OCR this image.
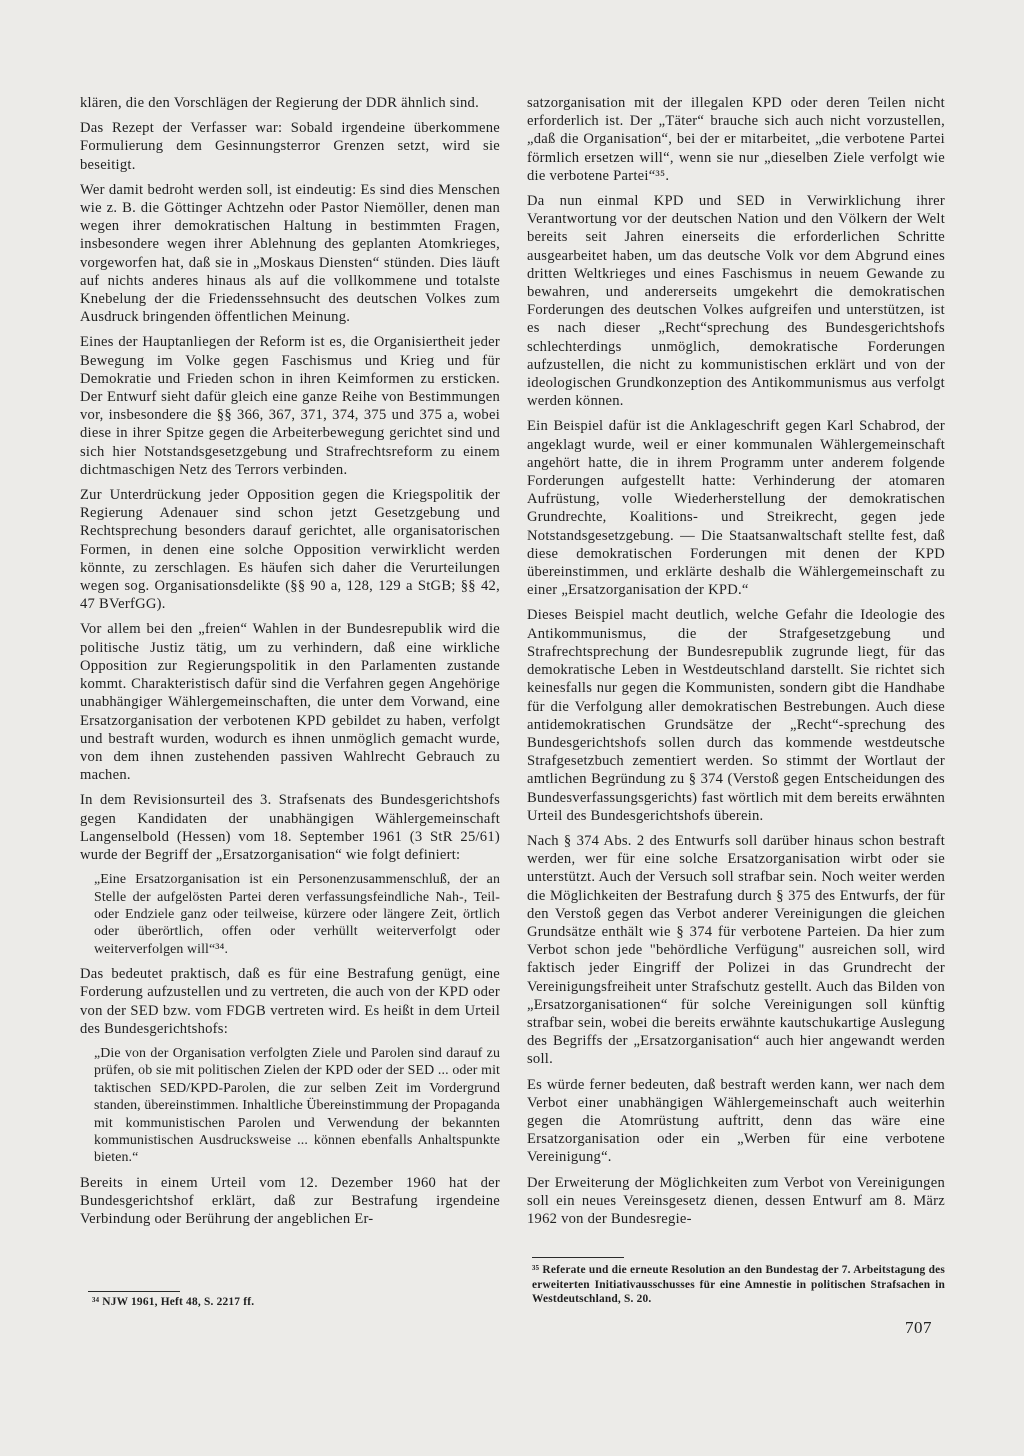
klären, die den Vorschlägen der Regierung der DDR ähnlich sind.

Das Rezept der Verfasser war: Sobald irgendeine überkommene Formulierung dem Gesinnungsterror Grenzen setzt, wird sie beseitigt.

Wer damit bedroht werden soll, ist eindeutig: Es sind dies Menschen wie z. B. die Göttinger Achtzehn oder Pastor Niemöller, denen man wegen ihrer demokratischen Haltung in bestimmten Fragen, insbesondere wegen ihrer Ablehnung des geplanten Atomkrieges, vorgeworfen hat, daß sie in „Moskaus Diensten“ stünden. Dies läuft auf nichts anderes hinaus als auf die vollkommene und totalste Knebelung der die Friedenssehnsucht des deutschen Volkes zum Ausdruck bringenden öffentlichen Meinung.

Eines der Hauptanliegen der Reform ist es, die Organisiertheit jeder Bewegung im Volke gegen Faschismus und Krieg und für Demokratie und Frieden schon in ihren Keimformen zu ersticken. Der Entwurf sieht dafür gleich eine ganze Reihe von Bestimmungen vor, insbesondere die §§ 366, 367, 371, 374, 375 und 375 a, wobei diese in ihrer Spitze gegen die Arbeiterbewegung gerichtet sind und sich hier Notstandsgesetzgebung und Strafrechtsreform zu einem dichtmaschigen Netz des Terrors verbinden.

Zur Unterdrückung jeder Opposition gegen die Kriegspolitik der Regierung Adenauer sind schon jetzt Gesetzgebung und Rechtsprechung besonders darauf gerichtet, alle organisatorischen Formen, in denen eine solche Opposition verwirklicht werden könnte, zu zerschlagen. Es häufen sich daher die Verurteilungen wegen sog. Organisationsdelikte (§§ 90 a, 128, 129 a StGB; §§ 42, 47 BVerfGG).

Vor allem bei den „freien“ Wahlen in der Bundesrepublik wird die politische Justiz tätig, um zu verhindern, daß eine wirkliche Opposition zur Regierungspolitik in den Parlamenten zustande kommt. Charakteristisch dafür sind die Verfahren gegen Angehörige unabhängiger Wählergemeinschaften, die unter dem Vorwand, eine Ersatzorganisation der verbotenen KPD gebildet zu haben, verfolgt und bestraft wurden, wodurch es ihnen unmöglich gemacht wurde, von dem ihnen zustehenden passiven Wahlrecht Gebrauch zu machen.

In dem Revisionsurteil des 3. Strafsenats des Bundesgerichtshofs gegen Kandidaten der unabhängigen Wählergemeinschaft Langenselbold (Hessen) vom 18. September 1961 (3 StR 25/61) wurde der Begriff der „Ersatzorganisation“ wie folgt definiert:

„Eine Ersatzorganisation ist ein Personenzusammenschluß, der an Stelle der aufgelösten Partei deren verfassungsfeindliche Nah-, Teil- oder Endziele ganz oder teilweise, kürzere oder längere Zeit, örtlich oder überörtlich, offen oder verhüllt weiterverfolgt oder weiterverfolgen will“³⁴.

Das bedeutet praktisch, daß es für eine Bestrafung genügt, eine Forderung aufzustellen und zu vertreten, die auch von der KPD oder von der SED bzw. vom FDGB vertreten wird. Es heißt in dem Urteil des Bundesgerichtshofs:

„Die von der Organisation verfolgten Ziele und Parolen sind darauf zu prüfen, ob sie mit politischen Zielen der KPD oder der SED ... oder mit taktischen SED/KPD-Parolen, die zur selben Zeit im Vordergrund standen, übereinstimmen. Inhaltliche Übereinstimmung der Propaganda mit kommunistischen Parolen und Verwendung der bekannten kommunistischen Ausdrucksweise ... können ebenfalls Anhaltspunkte bieten.“

Bereits in einem Urteil vom 12. Dezember 1960 hat der Bundesgerichtshof erklärt, daß zur Bestrafung irgendeine Verbindung oder Berührung der angeblichen Er-

³⁴ NJW 1961, Heft 48, S. 2217 ff.

satzorganisation mit der illegalen KPD oder deren Teilen nicht erforderlich ist. Der „Täter“ brauche sich auch nicht vorzustellen, „daß die Organisation“, bei der er mitarbeitet, „die verbotene Partei förmlich ersetzen will“, wenn sie nur „dieselben Ziele verfolgt wie die verbotene Partei“³⁵.

Da nun einmal KPD und SED in Verwirklichung ihrer Verantwortung vor der deutschen Nation und den Völkern der Welt bereits seit Jahren einerseits die erforderlichen Schritte ausgearbeitet haben, um das deutsche Volk vor dem Abgrund eines dritten Weltkrieges und eines Faschismus in neuem Gewande zu bewahren, und andererseits umgekehrt die demokratischen Forderungen des deutschen Volkes aufgreifen und unterstützen, ist es nach dieser „Recht“sprechung des Bundesgerichtshofs schlechterdings unmöglich, demokratische Forderungen aufzustellen, die nicht zu kommunistischen erklärt und von der ideologischen Grundkonzeption des Antikommunismus aus verfolgt werden können.

Ein Beispiel dafür ist die Anklageschrift gegen Karl Schabrod, der angeklagt wurde, weil er einer kommunalen Wählergemeinschaft angehört hatte, die in ihrem Programm unter anderem folgende Forderungen aufgestellt hatte: Verhinderung der atomaren Aufrüstung, volle Wiederherstellung der demokratischen Grundrechte, Koalitions- und Streikrecht, gegen jede Notstandsgesetzgebung. — Die Staatsanwaltschaft stellte fest, daß diese demokratischen Forderungen mit denen der KPD übereinstimmen, und erklärte deshalb die Wählergemeinschaft zu einer „Ersatzorganisation der KPD.“

Dieses Beispiel macht deutlich, welche Gefahr die Ideologie des Antikommunismus, die der Strafgesetzgebung und Strafrechtsprechung der Bundesrepublik zugrunde liegt, für das demokratische Leben in Westdeutschland darstellt. Sie richtet sich keinesfalls nur gegen die Kommunisten, sondern gibt die Handhabe für die Verfolgung aller demokratischen Bestrebungen. Auch diese antidemokratischen Grundsätze der „Recht“-sprechung des Bundesgerichtshofs sollen durch das kommende westdeutsche Strafgesetzbuch zementiert werden. So stimmt der Wortlaut der amtlichen Begründung zu § 374 (Verstoß gegen Entscheidungen des Bundesverfassungsgerichts) fast wörtlich mit dem bereits erwähnten Urteil des Bundesgerichtshofs überein.

Nach § 374 Abs. 2 des Entwurfs soll darüber hinaus schon bestraft werden, wer für eine solche Ersatzorganisation wirbt oder sie unterstützt. Auch der Versuch soll strafbar sein. Noch weiter werden die Möglichkeiten der Bestrafung durch § 375 des Entwurfs, der für den Verstoß gegen das Verbot anderer Vereinigungen die gleichen Grundsätze enthält wie § 374 für verbotene Parteien. Da hier zum Verbot schon jede "behördliche Verfügung" ausreichen soll, wird faktisch jeder Eingriff der Polizei in das Grundrecht der Vereinigungsfreiheit unter Strafschutz gestellt. Auch das Bilden von „Ersatzorganisationen“ für solche Vereinigungen soll künftig strafbar sein, wobei die bereits erwähnte kautschukartige Auslegung des Begriffs der „Ersatzorganisation“ auch hier angewandt werden soll.

Es würde ferner bedeuten, daß bestraft werden kann, wer nach dem Verbot einer unabhängigen Wählergemeinschaft auch weiterhin gegen die Atomrüstung auftritt, denn das wäre eine Ersatzorganisation oder ein „Werben für eine verbotene Vereinigung“.

Der Erweiterung der Möglichkeiten zum Verbot von Vereinigungen soll ein neues Vereinsgesetz dienen, dessen Entwurf am 8. März 1962 von der Bundesregie-

³⁵ Referate und die erneute Resolution an den Bundestag der 7. Arbeitstagung des erweiterten Initiativausschusses für eine Amnestie in politischen Strafsachen in Westdeutschland, S. 20.
707
